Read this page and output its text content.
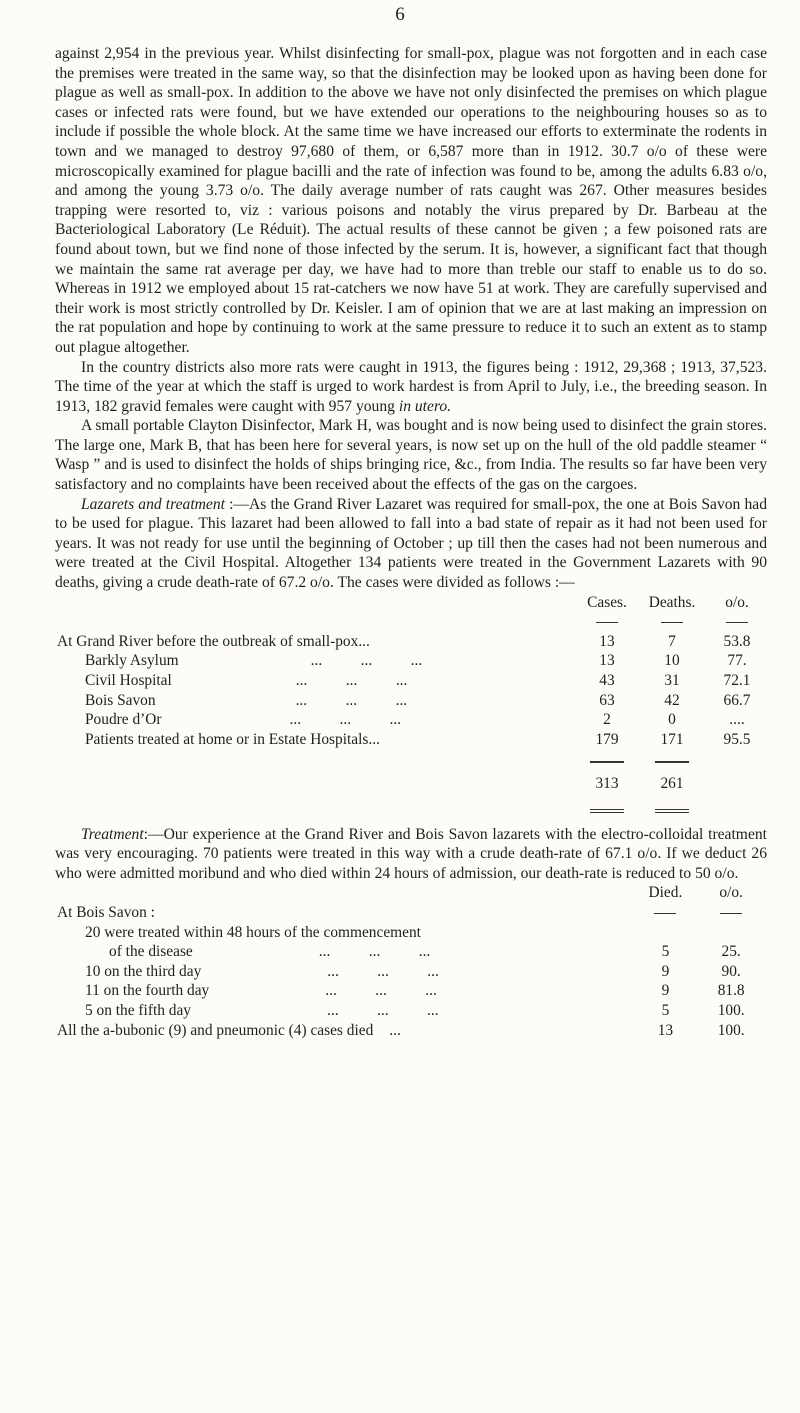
6

against 2,954 in the previous year. Whilst disinfecting for small-pox, plague was not forgotten and in each case the premises were treated in the same way, so that the disinfection may be looked upon as having been done for plague as well as small-pox. In addition to the above we have not only disinfected the premises on which plague cases or infected rats were found, but we have extended our operations to the neighbouring houses so as to include if possible the whole block. At the same time we have increased our efforts to exterminate the rodents in town and we managed to destroy 97,680 of them, or 6,587 more than in 1912. 30.7 o/o of these were microscopically examined for plague bacilli and the rate of infection was found to be, among the adults 6.83 o/o, and among the young 3.73 o/o. The daily average number of rats caught was 267. Other measures besides trapping were resorted to, viz : various poisons and notably the virus prepared by Dr. Barbeau at the Bacteriological Laboratory (Le Réduit). The actual results of these cannot be given ; a few poisoned rats are found about town, but we find none of those infected by the serum. It is, however, a significant fact that though we maintain the same rat average per day, we have had to more than treble our staff to enable us to do so. Whereas in 1912 we employed about 15 rat-catchers we now have 51 at work. They are carefully supervised and their work is most strictly controlled by Dr. Keisler. I am of opinion that we are at last making an impression on the rat population and hope by continuing to work at the same pressure to reduce it to such an extent as to stamp out plague altogether.

In the country districts also more rats were caught in 1913, the figures being : 1912, 29,368 ; 1913, 37,523. The time of the year at which the staff is urged to work hardest is from April to July, i.e., the breeding season. In 1913, 182 gravid females were caught with 957 young in utero.

A small portable Clayton Disinfector, Mark H, was bought and is now being used to disinfect the grain stores. The large one, Mark B, that has been here for several years, is now set up on the hull of the old paddle steamer “ Wasp ” and is used to disinfect the holds of ships bringing rice, &c., from India. The results so far have been very satisfactory and no complaints have been received about the effects of the gas on the cargoes.

Lazarets and treatment :—As the Grand River Lazaret was required for small-pox, the one at Bois Savon had to be used for plague. This lazaret had been allowed to fall into a bad state of repair as it had not been used for years. It was not ready for use until the beginning of October ; up till then the cases had not been numerous and were treated at the Civil Hospital. Altogether 134 patients were treated in the Government Lazarets with 90 deaths, giving a crude death-rate of 67.2 o/o. The cases were divided as follows :—

	Cases.	Deaths.	o/o.

At Grand River before the outbreak of small-pox...	13	7	53.8
Barkly Asylum ...          ...          ...	13	10	77.
Civil Hospital ...          ...          ...	43	31	72.1
Bois Savon ...          ...          ...	63	42	66.7
Poudre d’Or ...          ...          ...	2	0	....
Patients treated at home or in Estate Hospitals...	179	171	95.5

	313	261	

Treatment:—Our experience at the Grand River and Bois Savon lazarets with the electro-colloidal treatment was very encouraging. 70 patients were treated in this way with a crude death-rate of 67.1 o/o. If we deduct 26 who were admitted moribund and who died within 24 hours of admission, our death-rate is reduced to 50 o/o.

	Died.	o/o.
At Bois Savon :		
20 were treated within 48 hours of the commencement		
of the disease ...          ...          ...	5	25.
10 on the third day ...          ...          ...	9	90.
11 on the fourth day ...          ...          ...	9	81.8
5 on the fifth day ...          ...          ...	5	100.
All the a-bubonic (9) and pneumonic (4) cases died ...	13	100.
